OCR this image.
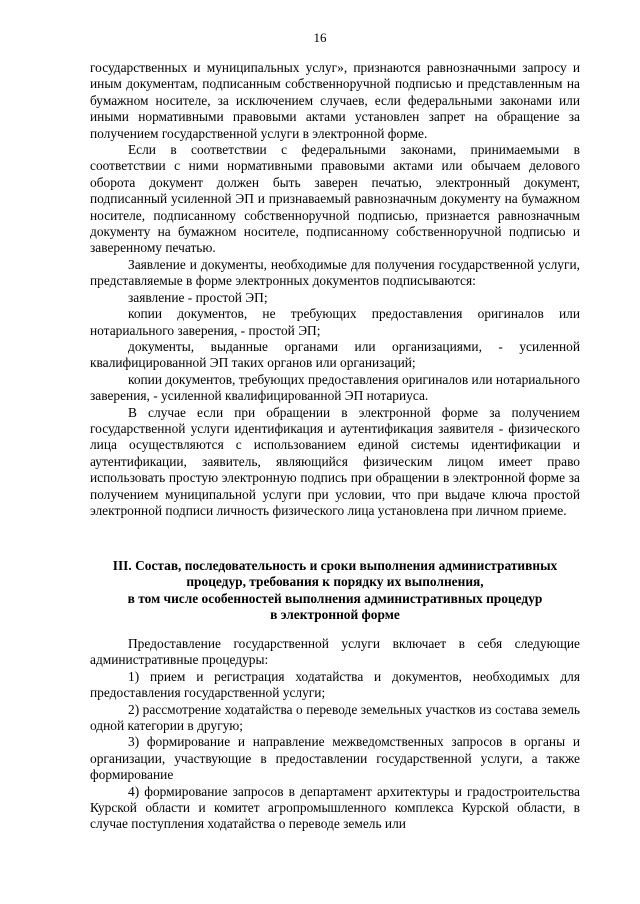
16

государственных и муниципальных услуг», признаются равнозначными запросу и иным документам, подписанным собственноручной подписью и представленным на бумажном носителе, за исключением случаев, если федеральными законами или иными нормативными правовыми актами установлен запрет на обращение за получением государственной услуги в электронной форме.

Если в соответствии с федеральными законами, принимаемыми в соответствии с ними нормативными правовыми актами или обычаем делового оборота документ должен быть заверен печатью, электронный документ, подписанный усиленной ЭП и признаваемый равнозначным документу на бумажном носителе, подписанному собственноручной подписью, признается равнозначным документу на бумажном носителе, подписанному собственноручной подписью и заверенному печатью.

Заявление и документы, необходимые для получения государственной услуги, представляемые в форме электронных документов подписываются:

заявление - простой ЭП;

копии документов, не требующих предоставления оригиналов или нотариального заверения, - простой ЭП;

документы, выданные органами или организациями, - усиленной квалифицированной ЭП таких органов или организаций;

копии документов, требующих предоставления оригиналов или нотариального заверения, - усиленной квалифицированной ЭП нотариуса.

В случае если при обращении в электронной форме за получением государственной услуги идентификация и аутентификация заявителя - физического лица осуществляются с использованием единой системы идентификации и аутентификации, заявитель, являющийся физическим лицом имеет право использовать простую электронную подпись при обращении в электронной форме за получением муниципальной услуги при условии, что при выдаче ключа простой электронной подписи личность физического лица установлена при личном приеме.

III. Состав, последовательность и сроки выполнения административных
процедур, требования к порядку их выполнения,
в том числе особенностей выполнения административных процедур
в электронной форме

Предоставление государственной услуги включает в себя следующие административные процедуры:

1) прием и регистрация ходатайства и документов, необходимых для предоставления государственной услуги;

2) рассмотрение ходатайства о переводе земельных участков из состава земель одной категории в другую;

3) формирование и направление межведомственных запросов в органы и организации, участвующие в предоставлении государственной услуги, а также формирование

4) формирование запросов в департамент архитектуры и градостроительства Курской области и комитет агропромышленного комплекса Курской области, в случае поступления ходатайства о переводе земель или
